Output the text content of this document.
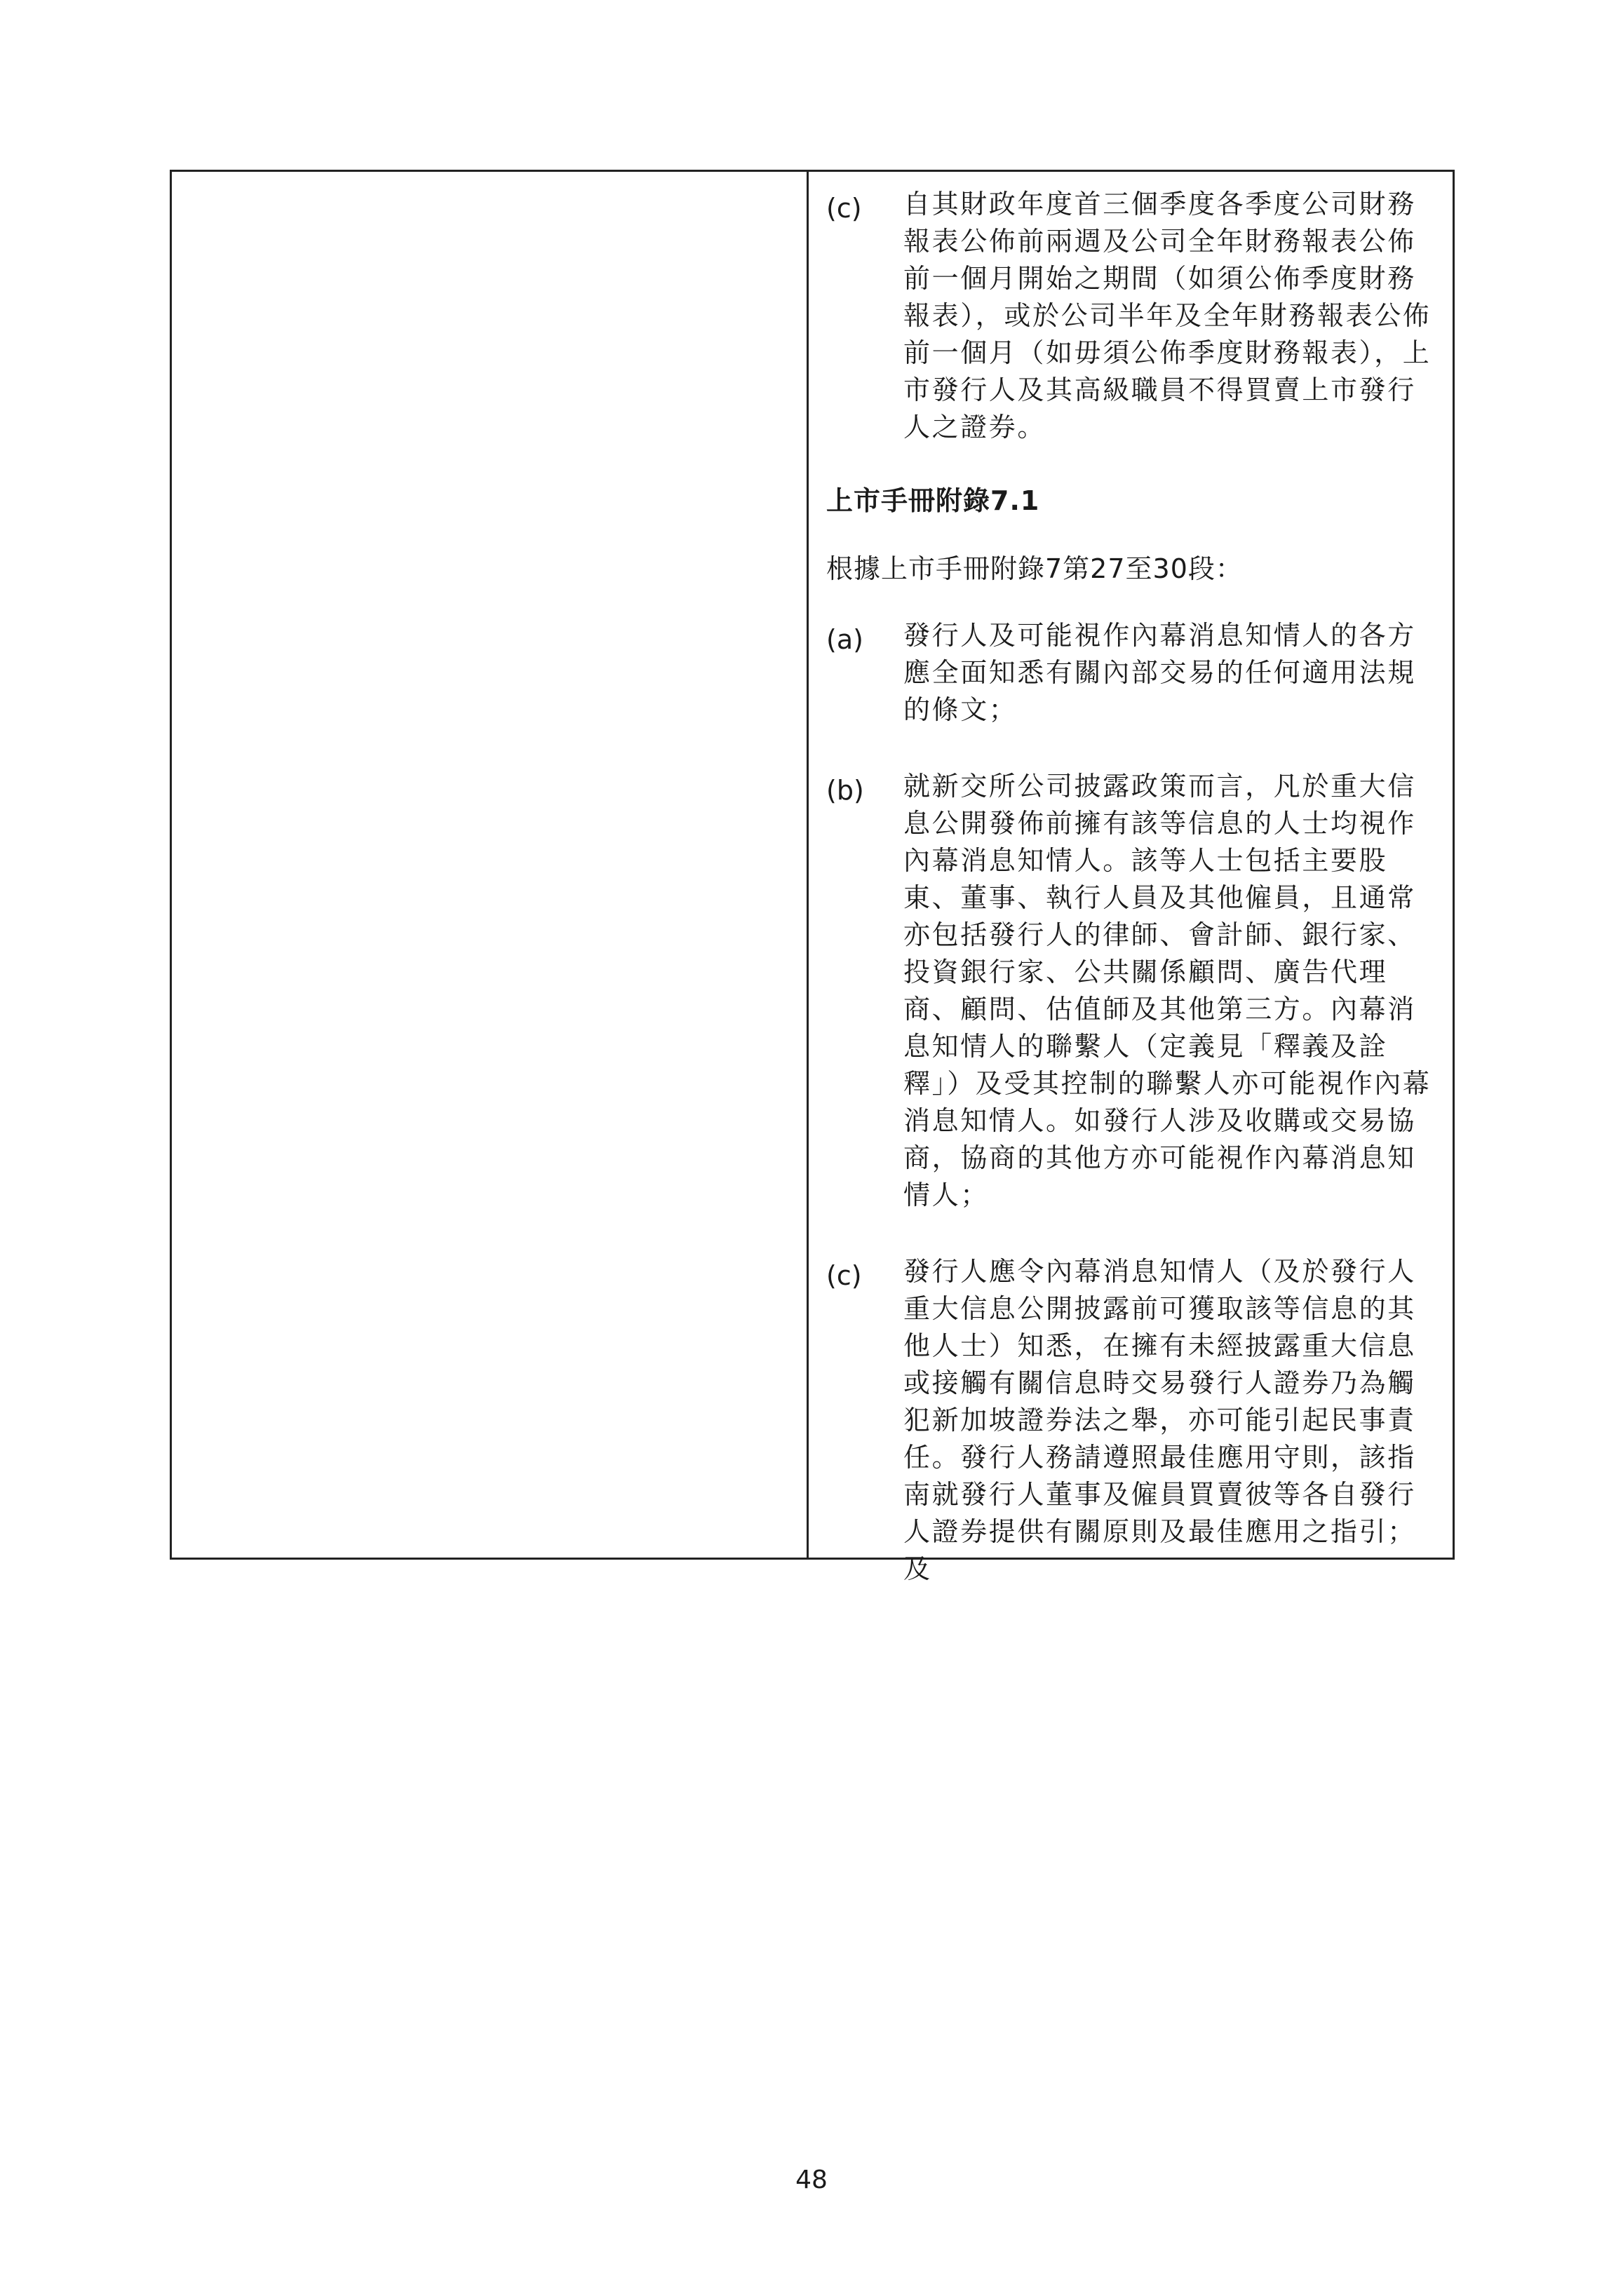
(c)	自其財政年度首三個季度各季度公司財務報表公佈前兩週及公司全年財務報表公佈前一個月開始之期間（如須公佈季度財務報表），或於公司半年及全年財務報表公佈前一個月（如毋須公佈季度財務報表），上市發行人及其高級職員不得買賣上市發行人之證券。
上市手冊附錄7.1
根據上市手冊附錄7第27至30段：
(a)	發行人及可能視作內幕消息知情人的各方應全面知悉有關內部交易的任何適用法規的條文；
(b)	就新交所公司披露政策而言，凡於重大信息公開發佈前擁有該等信息的人士均視作內幕消息知情人。該等人士包括主要股東、董事、執行人員及其他僱員，且通常亦包括發行人的律師、會計師、銀行家、投資銀行家、公共關係顧問、廣告代理商、顧問、估值師及其他第三方。內幕消息知情人的聯繫人（定義見「釋義及詮釋」）及受其控制的聯繫人亦可能視作內幕消息知情人。如發行人涉及收購或交易協商，協商的其他方亦可能視作內幕消息知情人；
(c)	發行人應令內幕消息知情人（及於發行人重大信息公開披露前可獲取該等信息的其他人士）知悉，在擁有未經披露重大信息或接觸有關信息時交易發行人證券乃為觸犯新加坡證券法之舉，亦可能引起民事責任。發行人務請遵照最佳應用守則，該指南就發行人董事及僱員買賣彼等各自發行人證券提供有關原則及最佳應用之指引；及
48
